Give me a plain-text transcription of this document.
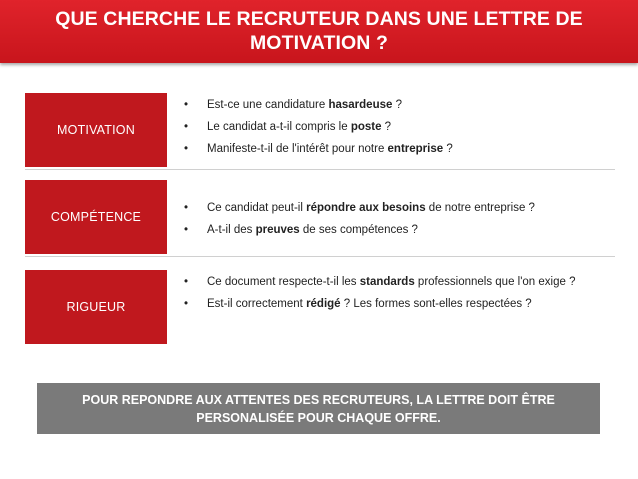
QUE CHERCHE LE RECRUTEUR DANS UNE LETTRE DE
MOTIVATION ?
MOTIVATION
• Est-ce une candidature hasardeuse ?
• Le candidat a-t-il compris le poste ?
• Manifeste-t-il de l'intérêt pour notre entreprise ?
COMPÉTENCE
• Ce candidat peut-il répondre aux besoins de notre entreprise ?
• A-t-il des preuves de ses compétences ?
RIGUEUR
• Ce document respecte-t-il les standards professionnels que l'on exige ?
• Est-il correctement rédigé ? Les formes sont-elles respectées ?
POUR REPONDRE AUX ATTENTES DES RECRUTEURS, LA LETTRE DOIT ÊTRE
PERSONALISÉE POUR CHAQUE OFFRE.
